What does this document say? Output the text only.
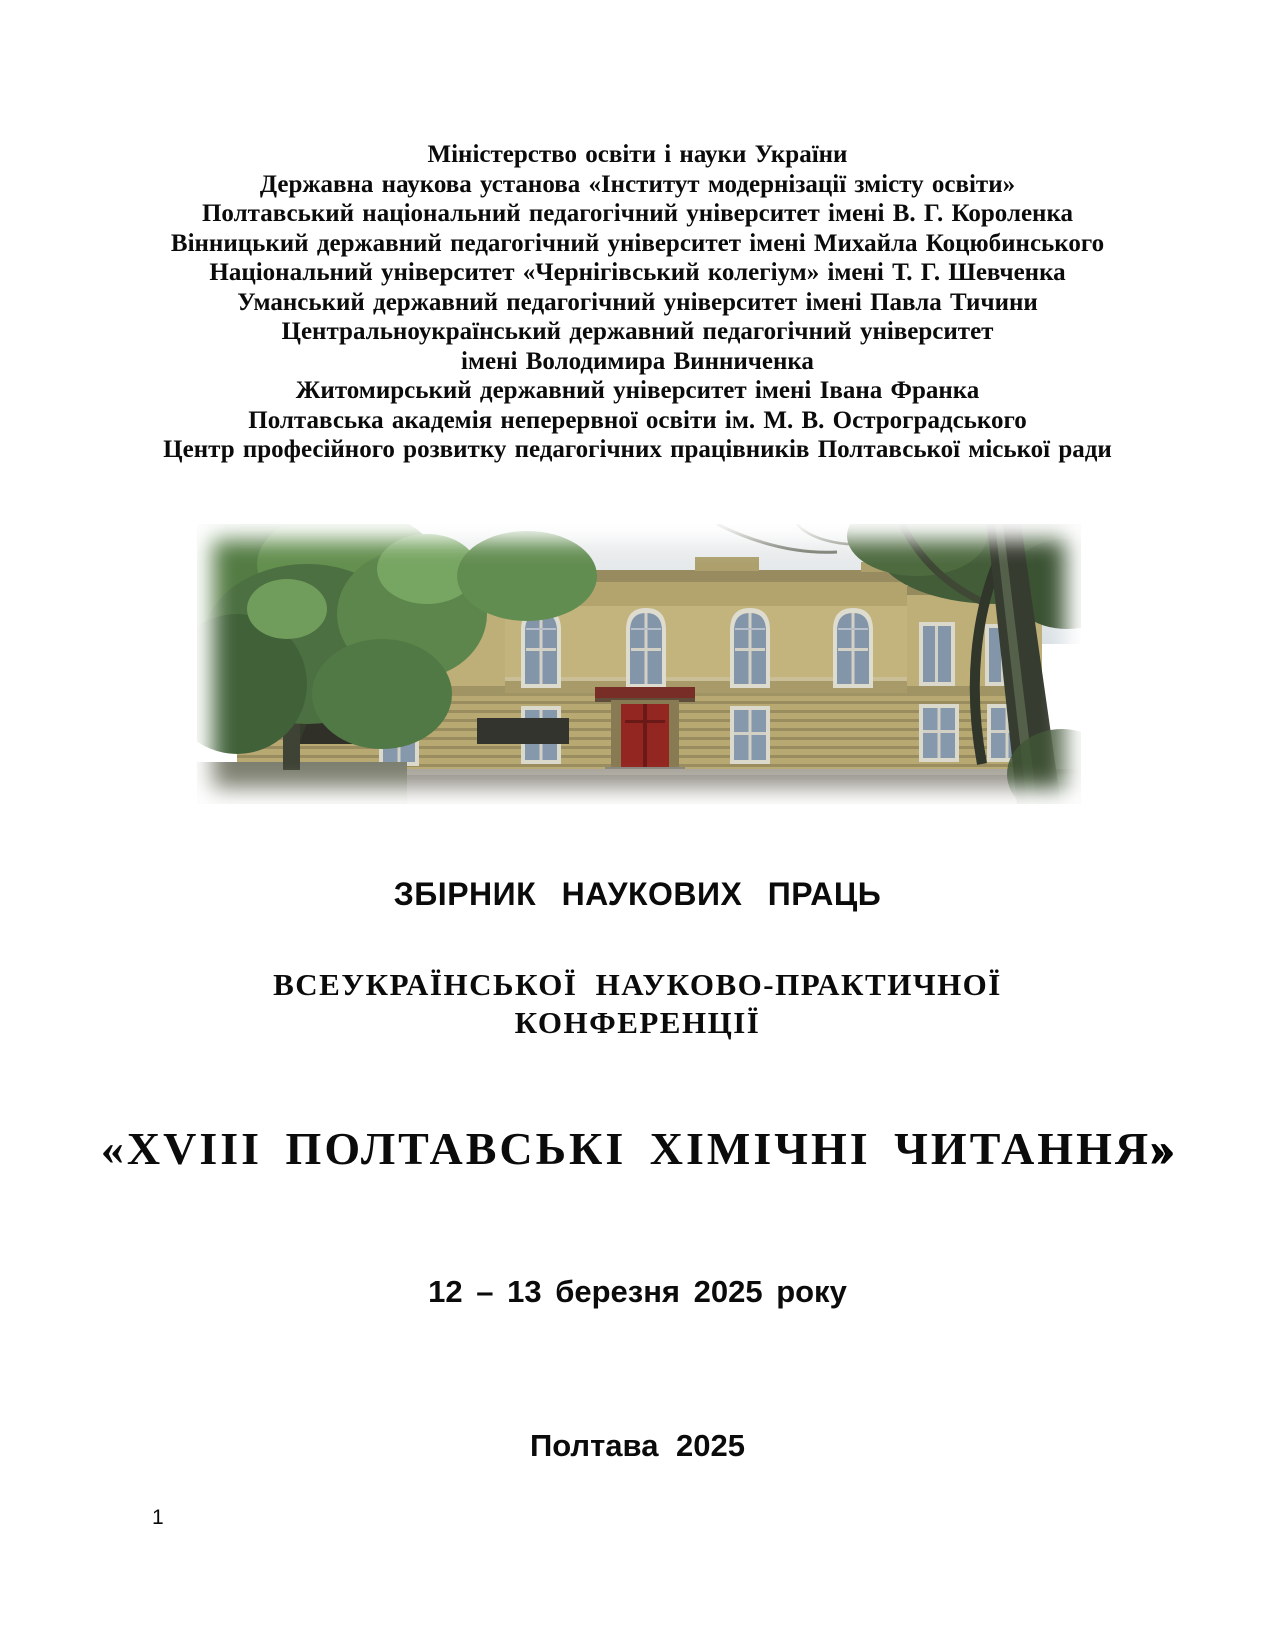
Міністерство освіти і науки України
Державна наукова установа «Інститут модернізації змісту освіти»
Полтавський національний педагогічний університет імені В. Г. Короленка
Вінницький державний педагогічний університет імені Михайла Коцюбинського
Національний університет «Чернігівський колегіум» імені Т. Г. Шевченка
Уманський державний педагогічний університет імені Павла Тичини
Центральноукраїнський державний педагогічний університет
імені Володимира Винниченка
Житомирський державний університет імені Івана Франка
Полтавська академія неперервної освіти ім. М. В. Остроградського
Центр професійного розвитку педагогічних працівників Полтавської міської ради
ЗБІРНИК НАУКОВИХ ПРАЦЬ
ВСЕУКРАЇНСЬКОЇ НАУКОВО-ПРАКТИЧНОЇ
КОНФЕРЕНЦІЇ
«XVIII ПОЛТАВСЬКІ ХІМІЧНІ ЧИТАННЯ»
12 – 13 березня 2025 року
Полтава 2025
1
